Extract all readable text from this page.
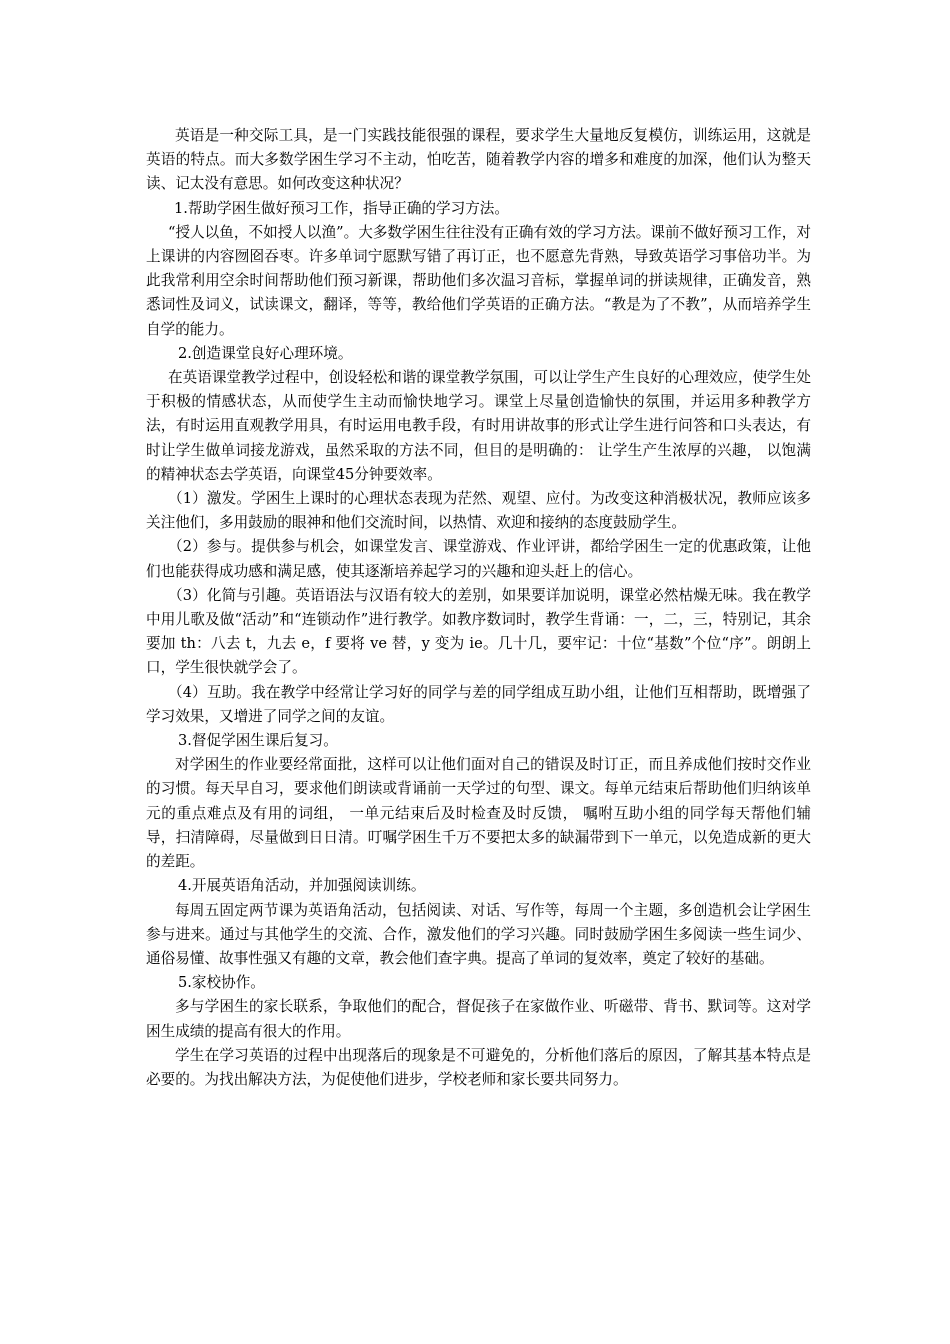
英语是一种交际工具，是一门实践技能很强的课程，要求学生大量地反复模仿，训练运用，这就是英语的特点。而大多数学困生学习不主动，怕吃苦，随着教学内容的增多和难度的加深，他们认为整天读、记太没有意思。如何改变这种状况？

1.帮助学困生做好预习工作，指导正确的学习方法。

“授人以鱼，不如授人以渔”。大多数学困生往往没有正确有效的学习方法。课前不做好预习工作，对上课讲的内容囫囵吞枣。许多单词宁愿默写错了再订正，也不愿意先背熟，导致英语学习事倍功半。为此我常利用空余时间帮助他们预习新课，帮助他们多次温习音标，掌握单词的拼读规律，正确发音，熟悉词性及词义，试读课文，翻译，等等，教给他们学英语的正确方法。“教是为了不教”，从而培养学生自学的能力。

2.创造课堂良好心理环境。

在英语课堂教学过程中，创设轻松和谐的课堂教学氛围，可以让学生产生良好的心理效应，使学生处于积极的情感状态，从而使学生主动而愉快地学习。课堂上尽量创造愉快的氛围，并运用多种教学方法，有时运用直观教学用具，有时运用电教手段，有时用讲故事的形式让学生进行问答和口头表达，有时让学生做单词接龙游戏，虽然采取的方法不同，但目的是明确的： 让学生产生浓厚的兴趣， 以饱满的精神状态去学英语，向课堂45分钟要效率。

（1）激发。学困生上课时的心理状态表现为茫然、观望、应付。为改变这种消极状况，教师应该多关注他们，多用鼓励的眼神和他们交流时间，以热情、欢迎和接纳的态度鼓励学生。

（2）参与。提供参与机会，如课堂发言、课堂游戏、作业评讲，都给学困生一定的优惠政策，让他们也能获得成功感和满足感，使其逐渐培养起学习的兴趣和迎头赶上的信心。

（3）化简与引趣。英语语法与汉语有较大的差别，如果要详加说明，课堂必然枯燥无味。我在教学中用儿歌及做“活动”和“连锁动作”进行教学。如教序数词时，教学生背诵：一，二，三，特别记，其余要加 th：八去 t，九去 e，f 要将 ve 替，y 变为 ie。几十几，要牢记：十位“基数”个位“序”。朗朗上口，学生很快就学会了。

（4）互助。我在教学中经常让学习好的同学与差的同学组成互助小组，让他们互相帮助，既增强了学习效果，又增进了同学之间的友谊。

3.督促学困生课后复习。

对学困生的作业要经常面批，这样可以让他们面对自己的错误及时订正，而且养成他们按时交作业的习惯。每天早自习，要求他们朗读或背诵前一天学过的句型、课文。每单元结束后帮助他们归纳该单元的重点难点及有用的词组， 一单元结束后及时检查及时反馈， 嘱咐互助小组的同学每天帮他们辅导，扫清障碍，尽量做到日日清。叮嘱学困生千万不要把太多的缺漏带到下一单元，以免造成新的更大的差距。

4.开展英语角活动，并加强阅读训练。

每周五固定两节课为英语角活动，包括阅读、对话、写作等，每周一个主题，多创造机会让学困生参与进来。通过与其他学生的交流、合作，激发他们的学习兴趣。同时鼓励学困生多阅读一些生词少、通俗易懂、故事性强又有趣的文章，教会他们查字典。提高了单词的复效率，奠定了较好的基础。

5.家校协作。

多与学困生的家长联系，争取他们的配合，督促孩子在家做作业、听磁带、背书、默词等。这对学困生成绩的提高有很大的作用。

学生在学习英语的过程中出现落后的现象是不可避免的，分析他们落后的原因，了解其基本特点是必要的。为找出解决方法，为促使他们进步，学校老师和家长要共同努力。
